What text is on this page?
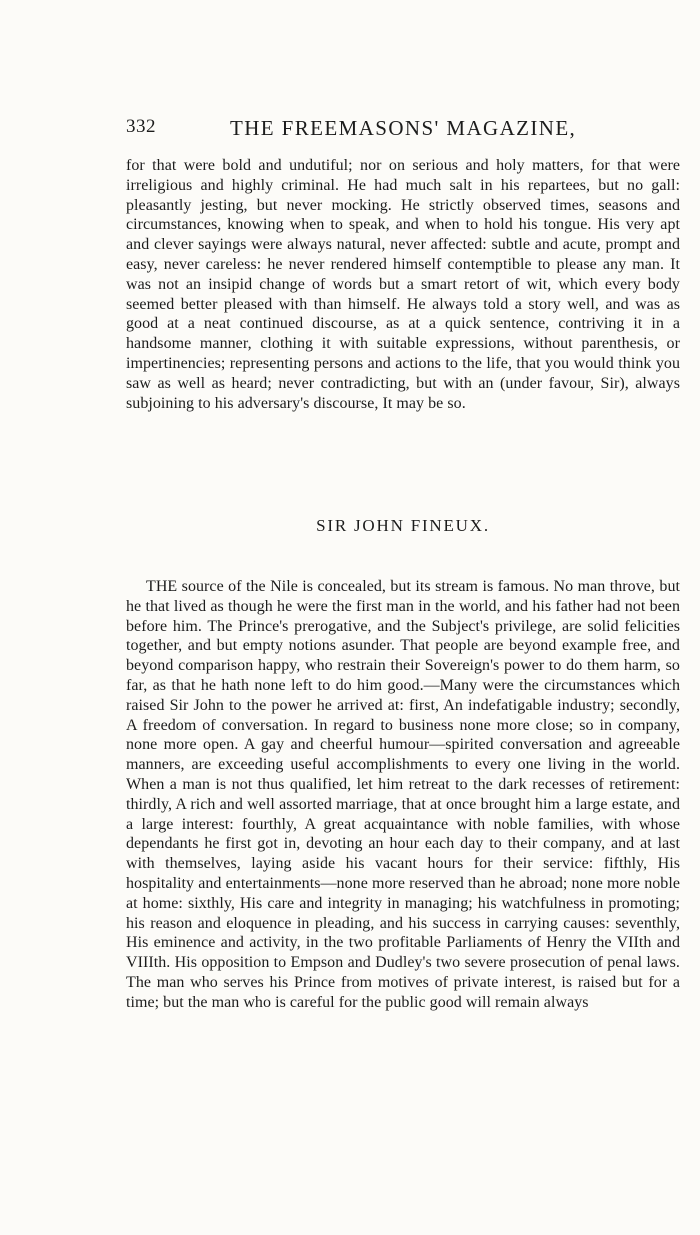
332	THE FREEMASONS' MAGAZINE,

for that were bold and undutiful; nor on serious and holy matters, for that were irreligious and highly criminal. He had much salt in his repartees, but no gall: pleasantly jesting, but never mocking. He strictly observed times, seasons and circumstances, knowing when to speak, and when to hold his tongue. His very apt and clever sayings were always natural, never affected: subtle and acute, prompt and easy, never careless: he never rendered himself contemptible to please any man. It was not an insipid change of words but a smart retort of wit, which every body seemed better pleased with than himself. He always told a story well, and was as good at a neat continued discourse, as at a quick sentence, contriving it in a handsome manner, clothing it with suitable expressions, without parenthesis, or impertinencies; representing persons and actions to the life, that you would think you saw as well as heard; never contradicting, but with an (under favour, Sir), always subjoining to his adversary's discourse, It may be so.

SIR JOHN FINEUX.

THE source of the Nile is concealed, but its stream is famous. No man throve, but he that lived as though he were the first man in the world, and his father had not been before him. The Prince's prerogative, and the Subject's privilege, are solid felicities together, and but empty notions asunder. That people are beyond example free, and beyond comparison happy, who restrain their Sovereign's power to do them harm, so far, as that he hath none left to do him good.—Many were the circumstances which raised Sir John to the power he arrived at: first, An indefatigable industry; secondly, A freedom of conversation. In regard to business none more close; so in company, none more open. A gay and cheerful humour—spirited conversation and agreeable manners, are exceeding useful accomplishments to every one living in the world. When a man is not thus qualified, let him retreat to the dark recesses of retirement: thirdly, A rich and well assorted marriage, that at once brought him a large estate, and a large interest: fourthly, A great acquaintance with noble families, with whose dependants he first got in, devoting an hour each day to their company, and at last with themselves, laying aside his vacant hours for their service: fifthly, His hospitality and entertainments—none more reserved than he abroad; none more noble at home: sixthly, His care and integrity in managing; his watchfulness in promoting; his reason and eloquence in pleading, and his success in carrying causes: seventhly, His eminence and activity, in the two profitable Parliaments of Henry the VIIth and VIIIth. His opposition to Empson and Dudley's two severe prosecution of penal laws. The man who serves his Prince from motives of private interest, is raised but for a time; but the man who is careful for the public good will remain always
